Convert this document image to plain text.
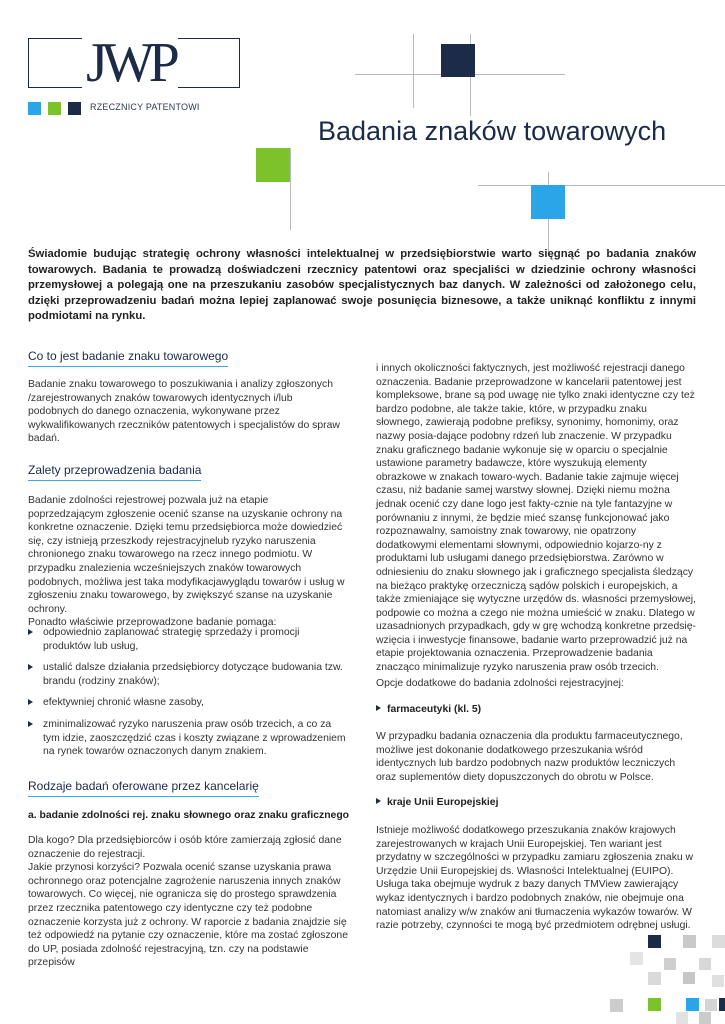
JWP
RZECZNICY PATENTOWI
Badania znaków towarowych
Świadomie budując strategię ochrony własności intelektualnej w przedsiębiorstwie warto sięgnąć po badania znaków towarowych. Badania te prowadzą doświadczeni rzecznicy patentowi oraz specjaliści w dziedzinie ochrony własności przemysłowej a polegają one na przeszukaniu zasobów specjalistycznych baz danych. W zależności od założonego celu, dzięki przeprowadzeniu badań można lepiej zaplanować swoje posunięcia biznesowe, a także uniknąć konfliktu z innymi podmiotami na rynku.
Co to jest badanie znaku towarowego

Badanie znaku towarowego to poszukiwania i analizy zgłoszonych /zarejestrowanych znaków towarowych identycznych i/lub podobnych do danego oznaczenia, wykonywane przez wykwalifikowanych rzeczników patentowych i specjalistów do spraw badań.

Zalety przeprowadzenia badania

Badanie zdolności rejestrowej pozwala już na etapie poprzedzającym zgłoszenie ocenić szanse na uzyskanie ochrony na konkretne oznaczenie. Dzięki temu przedsiębiorca może dowiedzieć się, czy istnieją przeszkody rejestracyjnelub ryzyko naruszenia chronionego znaku towarowego na rzecz innego podmiotu. W przypadku znalezienia wcześniejszych znaków towarowych podobnych, możliwa jest taka modyfikacjawyglądu towarów i usług w zgłoszeniu znaku towarowego, by zwiększyć szanse na uzyskanie ochrony.

Ponadto właściwie przeprowadzone badanie pomaga:

odpowiednio zaplanować strategię sprzedaży i promocji produktów lub usług,
ustalić dalsze działania przedsiębiorcy dotyczące budowania tzw. brandu (rodziny znaków);
efektywniej chronić własne zasoby,
zminimalizować ryzyko naruszenia praw osób trzecich, a co za tym idzie, zaoszczędzić czas i koszty związane z wprowadzeniem na rynek towarów oznaczonych danym znakiem.
Rodzaje badań oferowane przez kancelarię
a. badanie zdolności rej. znaku słownego oraz znaku graficznego

Dla kogo? Dla przedsiębiorców i osób które zamierzają zgłosić dane oznaczenie do rejestracji.

Jakie przynosi korzyści? Pozwala ocenić szanse uzyskania prawa ochronnego oraz potencjalne zagrożenie naruszenia innych znaków towarowych. Co więcej, nie ogranicza się do prostego sprawdzenia przez rzecznika patentowego czy identyczne czy też podobne oznaczenie korzysta już z ochrony. W raporcie z badania znajdzie się też odpowiedź na pytanie czy oznaczenie, które ma zostać zgłoszone do UP, posiada zdolność rejestracyjną, tzn. czy na podstawie przepisów

i innych okoliczności faktycznych, jest możliwość rejestracji danego oznaczenia. Badanie przeprowadzone w kancelarii patentowej jest kompleksowe, brane są pod uwagę nie tylko znaki identyczne czy też bardzo podobne, ale także takie, które, w przypadku znaku słownego, zawierają podobne prefiksy, synonimy, homonimy, oraz nazwy posia-dające podobny rdzeń lub znaczenie. W przypadku znaku graficznego badanie wykonuje się w oparciu o specjalnie ustawione parametry badawcze, które wyszukują elementy obrazkowe w znakach towaro-wych. Badanie takie zajmuje więcej czasu, niż badanie samej warstwy słownej. Dzięki niemu można jednak ocenić czy dane logo jest fakty-cznie na tyle fantazyjne w porównaniu z innymi, że będzie mieć szansę funkcjonować jako rozpoznawalny, samoistny znak towarowy, nie opatrzony dodatkowymi elementami słownymi, odpowiednio kojarzo-ny z produktami lub usługami danego przedsiębiorstwa. Zarówno w odniesieniu do znaku słownego jak i graficznego specjalista śledzący na bieżąco praktykę orzeczniczą sądów polskich i europejskich, a także zmieniające się wytyczne urzędów ds. własności przemysłowej, podpowie co można a czego nie można umieścić w znaku. Dlatego w uzasadnionych przypadkach, gdy w grę wchodzą konkretne przedsię-wzięcia i inwestycje finansowe, badanie warto przeprowadzić już na etapie projektowania oznaczenia. Przeprowadzenie badania znacząco minimalizuje ryzyko naruszenia praw osób trzecich.

Opcje dodatkowe do badania zdolności rejestracyjnej:

farmaceutyki (kl. 5)

W przypadku badania oznaczenia dla produktu farmaceutycznego, możliwe jest dokonanie dodatkowego przeszukania wśród identycznych lub bardzo podobnych nazw produktów leczniczych oraz suplementów diety dopuszczonych do obrotu w Polsce.

kraje Unii Europejskiej

Istnieje możliwość dodatkowego przeszukania znaków krajowych zarejestrowanych w krajach Unii Europejskiej. Ten wariant jest przydatny w szczególności w przypadku zamiaru zgłoszenia znaku w Urzędzie Unii Europejskiej ds. Własności Intelektualnej (EUIPO). Usługa taka obejmuje wydruk z bazy danych TMView zawierający wykaz identycznych i bardzo podobnych znaków, nie obejmuje ona natomiast analizy w/w znaków ani tłumaczenia wykazów towarów. W razie potrzeby, czynności te mogą być przedmiotem odrębnej usługi.
